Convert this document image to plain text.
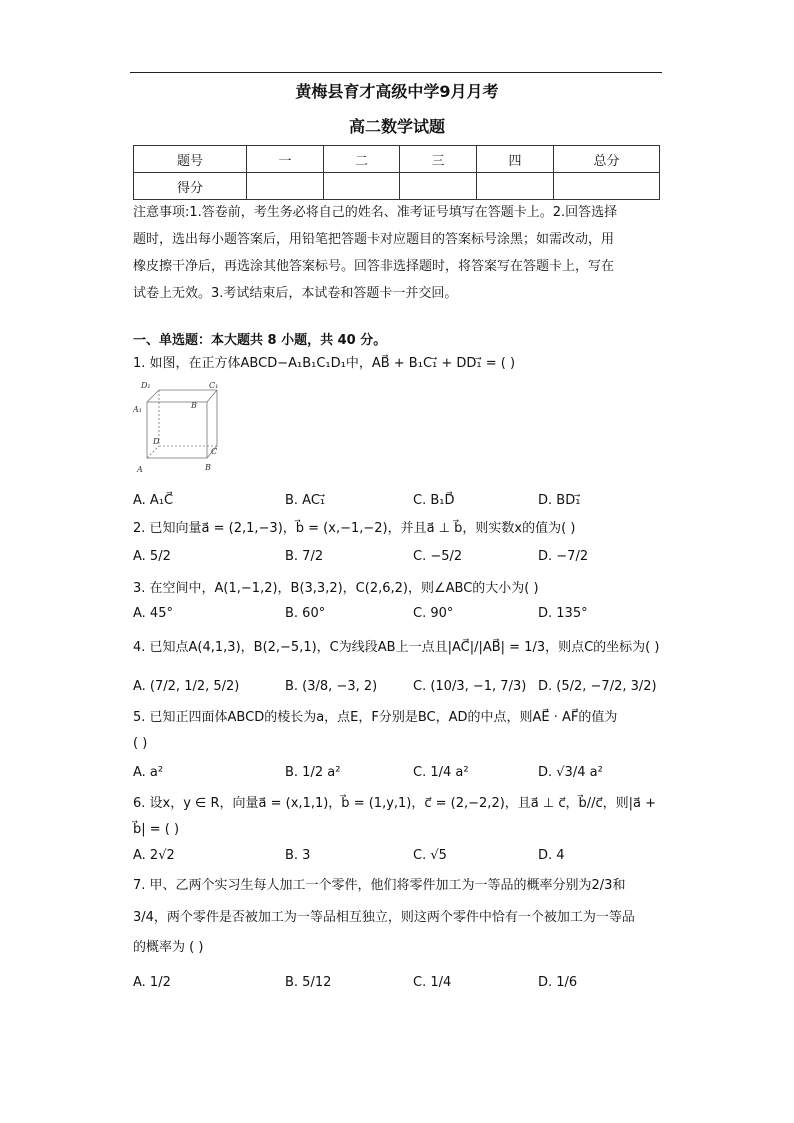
黄梅县育才高级中学9月月考
高二数学试题
题号	一	二	三	四	总分
得分					

注意事项:1.答卷前，考生务必将自己的姓名、准考证号填写在答题卡上。2.回答选择

题时，选出每小题答案后，用铅笔把答题卡对应题目的答案标号涂黑；如需改动，用

橡皮擦干净后，再选涂其他答案标号。回答非选择题时，将答案写在答题卡上，写在

试卷上无效。3.考试结束后，本试卷和答题卡一并交回。

一、单选题：本大题共 8 小题，共 40 分。
1. 如图，在正方体ABCD−A₁B₁C₁D₁中，AB⃗ + B₁C₁⃗ + DD₁⃗ = ( )
D₁	C₁
A₁	B
D
C
A	B
A. A₁C⃗	B. AC₁⃗	C. B₁D⃗	D. BD₁⃗
2. 已知向量a⃗ = (2,1,−3)，b⃗ = (x,−1,−2)，并且a⃗ ⊥ b⃗，则实数x的值为( )
A. 5/2	B. 7/2	C. −5/2	D. −7/2
3. 在空间中，A(1,−1,2)，B(3,3,2)，C(2,6,2)，则∠ABC的大小为( )
A. 45°	B. 60°	C. 90°	D. 135°
4. 已知点A(4,1,3)，B(2,−5,1)，C为线段AB上一点且|AC⃗|/|AB⃗| = 1/3，则点C的坐标为( )
A. (7/2, 1/2, 5/2)	B. (3/8, −3, 2)	C. (10/3, −1, 7/3) D. (5/2, −7/2, 3/2)
5. 已知正四面体ABCD的棱长为a，点E，F分别是BC，AD的中点，则AE⃗ · AF⃗的值为
( )
A. a²	B. 1/2 a²	C. 1/4 a²	D. √3/4 a²
6. 设x，y ∈ R，向量a⃗ = (x,1,1)，b⃗ = (1,y,1)，c⃗ = (2,−2,2)，且a⃗ ⊥ c⃗，b⃗//c⃗，则|a⃗ +
b⃗| = ( )
A. 2√2	B. 3	C. √5	D. 4
7. 甲、乙两个实习生每人加工一个零件，他们将零件加工为一等品的概率分别为2/3和
3/4，两个零件是否被加工为一等品相互独立，则这两个零件中恰有一个被加工为一等品
的概率为 ( )
A. 1/2	B. 5/12	C. 1/4	D. 1/6
